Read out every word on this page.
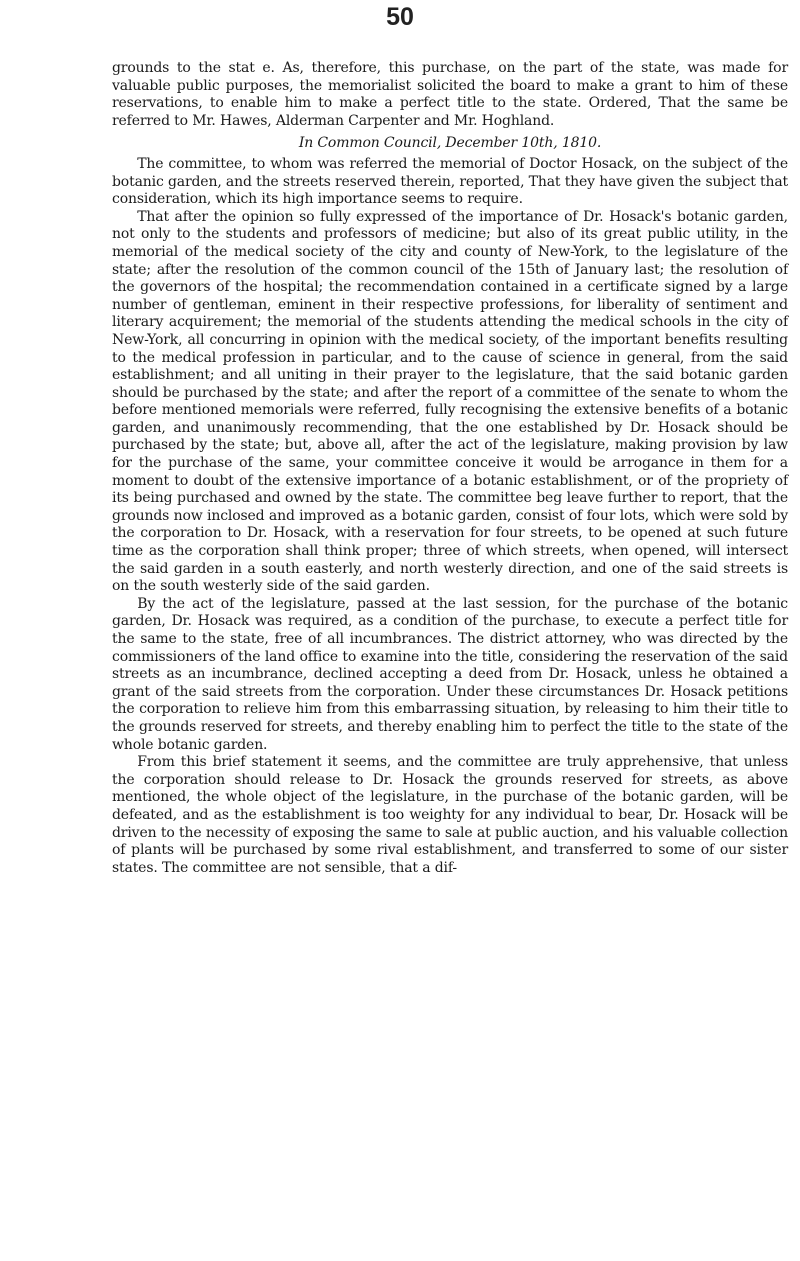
50

grounds to the stat e. As, therefore, this purchase, on the part of the state, was made for valuable public purposes, the memorialist solicited the board to make a grant to him of these reservations, to enable him to make a perfect title to the state. Ordered, That the same be referred to Mr. Hawes, Alderman Carpenter and Mr. Hoghland.

In Common Council, December 10th, 1810.

The committee, to whom was referred the memorial of Doctor Hosack, on the subject of the botanic garden, and the streets reserved therein, reported, That they have given the subject that consideration, which its high importance seems to require.

That after the opinion so fully expressed of the importance of Dr. Hosack's botanic garden, not only to the students and professors of medicine; but also of its great public utility, in the memorial of the medical society of the city and county of New-York, to the legislature of the state; after the resolution of the common council of the 15th of January last; the resolution of the governors of the hospital; the recommendation contained in a certificate signed by a large number of gentleman, eminent in their respective professions, for liberality of sentiment and literary acquirement; the memorial of the students attending the medical schools in the city of New-York, all concurring in opinion with the medical society, of the important benefits resulting to the medical profession in particular, and to the cause of science in general, from the said establishment; and all uniting in their prayer to the legislature, that the said botanic garden should be purchased by the state; and after the report of a committee of the senate to whom the before mentioned memorials were referred, fully recognising the extensive benefits of a botanic garden, and unanimously recommending, that the one established by Dr. Hosack should be purchased by the state; but, above all, after the act of the legislature, making provision by law for the purchase of the same, your committee conceive it would be arrogance in them for a moment to doubt of the extensive importance of a botanic establishment, or of the propriety of its being purchased and owned by the state. The committee beg leave further to report, that the grounds now inclosed and improved as a botanic garden, consist of four lots, which were sold by the corporation to Dr. Hosack, with a reservation for four streets, to be opened at such future time as the corporation shall think proper; three of which streets, when opened, will intersect the said garden in a south easterly, and north westerly direction, and one of the said streets is on the south westerly side of the said garden.

By the act of the legislature, passed at the last session, for the purchase of the botanic garden, Dr. Hosack was required, as a condition of the purchase, to execute a perfect title for the same to the state, free of all incumbrances. The district attorney, who was directed by the commissioners of the land office to examine into the title, considering the reservation of the said streets as an incumbrance, declined accepting a deed from Dr. Hosack, unless he obtained a grant of the said streets from the corporation. Under these circumstances Dr. Hosack petitions the corporation to relieve him from this embarrassing situation, by releasing to him their title to the grounds reserved for streets, and thereby enabling him to perfect the title to the state of the whole botanic garden.

From this brief statement it seems, and the committee are truly apprehensive, that unless the corporation should release to Dr. Hosack the grounds reserved for streets, as above mentioned, the whole object of the legislature, in the purchase of the botanic garden, will be defeated, and as the establishment is too weighty for any individual to bear, Dr. Hosack will be driven to the necessity of exposing the same to sale at public auction, and his valuable collection of plants will be purchased by some rival establishment, and transferred to some of our sister states. The committee are not sensible, that a dif-
